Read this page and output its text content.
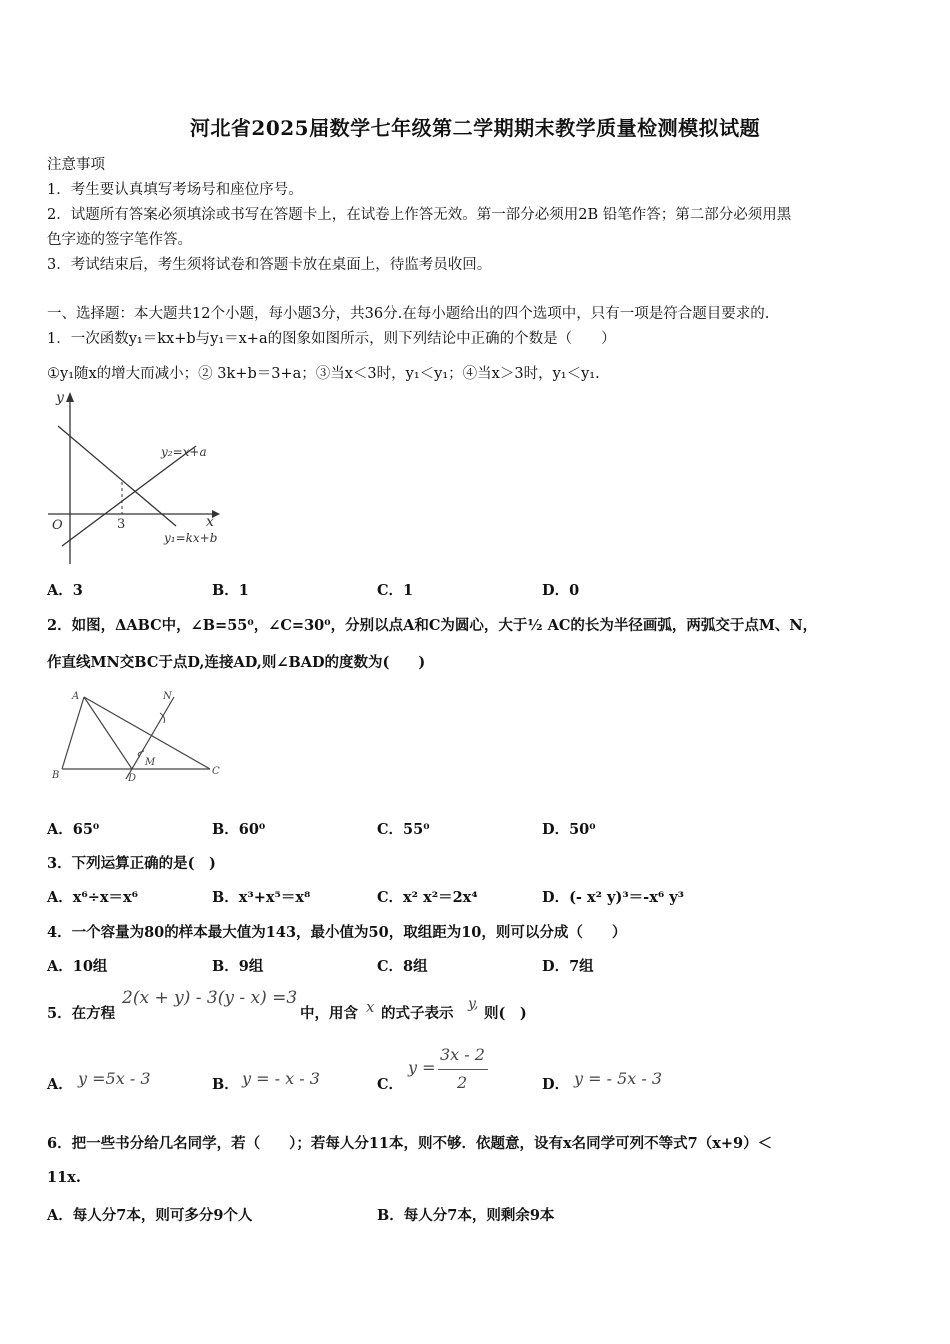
河北省2025届数学七年级第二学期期末教学质量检测模拟试题
注意事项
1．考生要认真填写考场号和座位序号。
2．试题所有答案必须填涂或书写在答题卡上，在试卷上作答无效。第一部分必须用2B 铅笔作答；第二部分必须用黑
色字迹的签字笔作答。
3．考试结束后，考生须将试卷和答题卡放在桌面上，待监考员收回。
一、选择题：本大题共12个小题，每小题3分，共36分.在每小题给出的四个选项中，只有一项是符合题目要求的.
1．一次函数y₁＝kx+b与y₁＝x+a的图象如图所示，则下列结论中正确的个数是（　　）
①y₁随x的增大而减小；② 3k+b＝3+a；③当x＜3时，y₁＜y₁；④当x＞3时，y₁＜y₁.
y
x
O	3
y₂=x+a
y₁=kx+b
A．3	B．1	C．1	D．0
2．如图，ΔABC中，∠B=55⁰，∠C=30⁰，分别以点A和C为圆心，大于½ AC的长为半径画弧，两弧交于点M、N，
作直线MN交BC于点D,连接AD,则∠BAD的度数为(　　)
A
B	C
D
M
N
A．65⁰	B．60⁰	C．55⁰	D．50⁰
3．下列运算正确的是(　)
A．x⁶÷x＝x⁶	B．x³+x⁵＝x⁸	C．x² x²＝2x⁴	D．(- x² y)³＝-x⁶ y³
4．一个容量为80的样本最大值为143，最小值为50，取组距为10，则可以分成（　　）
A．10组	B．9组	C．8组	D．7组
5．在方程
2(x + y) - 3(y - x) =3
中，用含 x 的式子表示
y,
则(　)
A． y =5x - 3	B． y = - x - 3	C．
y =
3x - 2
2	D． y = - 5x - 3
6．把一些书分给几名同学，若（　　）；若每人分11本，则不够．依题意，设有x名同学可列不等式7（x+9）＜
11x.
A．每人分7本，则可多分9个人	B．每人分7本，则剩余9本
